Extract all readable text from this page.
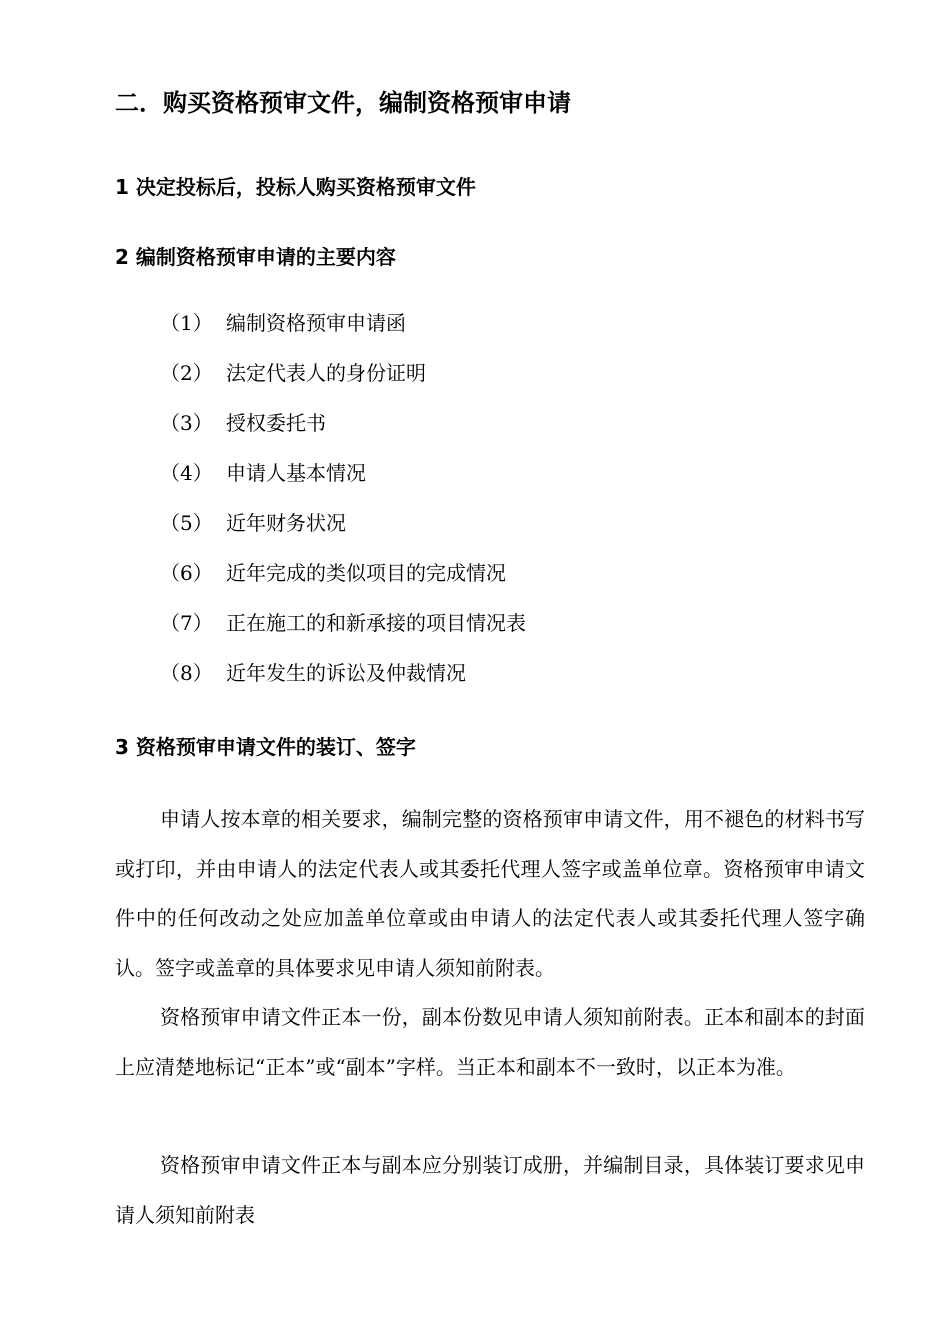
二．购买资格预审文件，编制资格预审申请
1 决定投标后，投标人购买资格预审文件
2 编制资格预审申请的主要内容
（1） 编制资格预审申请函
（2） 法定代表人的身份证明
（3） 授权委托书
（4） 申请人基本情况
（5） 近年财务状况
（6） 近年完成的类似项目的完成情况
（7） 正在施工的和新承接的项目情况表
（8） 近年发生的诉讼及仲裁情况
3 资格预审申请文件的装订、签字

申请人按本章的相关要求，编制完整的资格预审申请文件，用不褪色的材料书写或打印，并由申请人的法定代表人或其委托代理人签字或盖单位章。资格预审申请文件中的任何改动之处应加盖单位章或由申请人的法定代表人或其委托代理人签字确认。签字或盖章的具体要求见申请人须知前附表。

资格预审申请文件正本一份，副本份数见申请人须知前附表。正本和副本的封面上应清楚地标记“正本”或“副本”字样。当正本和副本不一致时，以正本为准。

资格预审申请文件正本与副本应分别装订成册，并编制目录，具体装订要求见申请人须知前附表
